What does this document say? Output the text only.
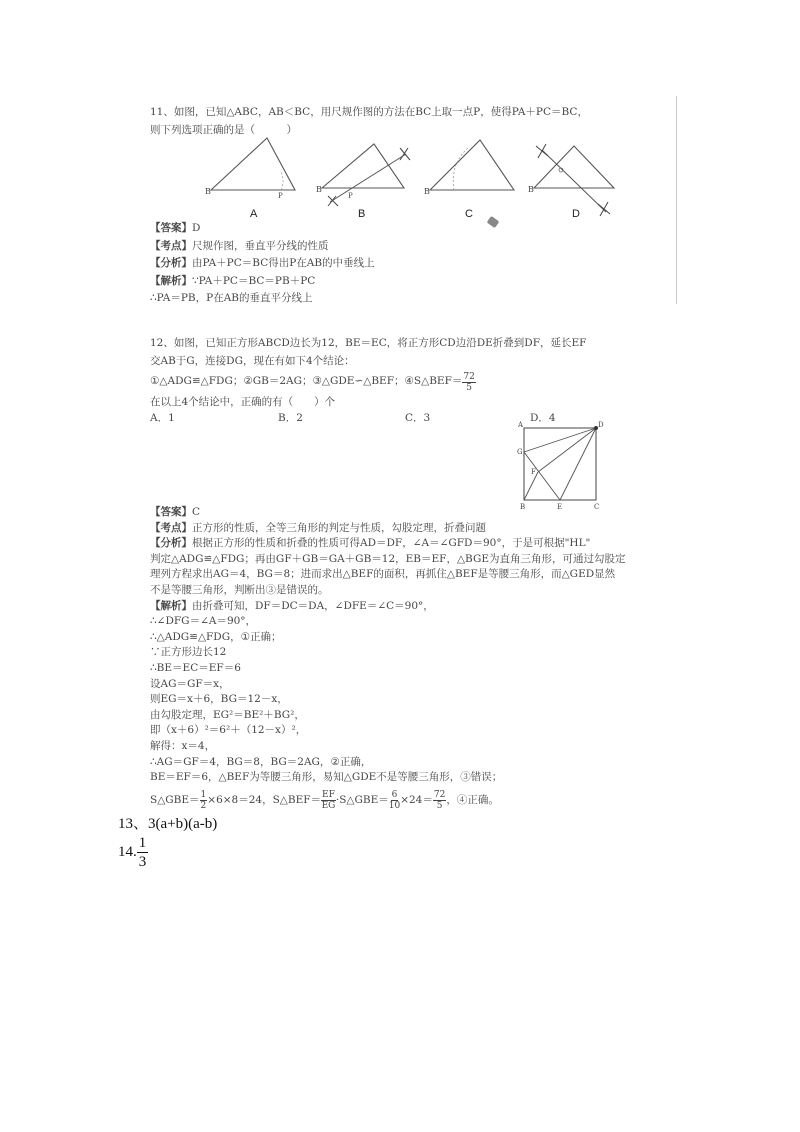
11、如图，已知△ABC，AB＜BC，用尺规作图的方法在BC上取一点P，使得PA＋PC＝BC，
则下列选项正确的是（　　　）
B	P
A
B
P
B
B
C
B
D
【答案】D
【考点】尺规作图，垂直平分线的性质
【分析】由PA＋PC＝BC得出P在AB的中垂线上
【解析】∵PA＋PC＝BC＝PB＋PC
∴PA＝PB，P在AB的垂直平分线上
12、如图，已知正方形ABCD边长为12，BE＝EC，将正方形CD边沿DE折叠到DF，延长EF
交AB于G，连接DG，现在有如下4个结论：
①△ADG≌△FDG；②GB＝2AG；③△GDE∽△BEF；④S△BEF＝ $\frac{72}{5}$
在以上4个结论中，正确的有（　　）个
A．1	B．2	C．3	D．4
A	D
G
F
B	E	C
【答案】C
【考点】正方形的性质，全等三角形的判定与性质，勾股定理，折叠问题
【分析】根据正方形的性质和折叠的性质可得AD＝DF，∠A＝∠GFD＝90°，于是可根据"HL"
判定△ADG≌△FDG；再由GF＋GB＝GA＋GB＝12，EB＝EF，△BGE为直角三角形，可通过勾股定
理列方程求出AG＝4，BG＝8；进而求出△BEF的面积，再抓住△BEF是等腰三角形，而△GED显然
不是等腰三角形，判断出③是错误的。
【解析】由折叠可知，DF＝DC＝DA，∠DFE＝∠C＝90°，
∴∠DFG＝∠A＝90°，
∴△ADG≌△FDG，①正确；
∵正方形边长12
∴BE＝EC＝EF＝6
设AG＝GF＝x，
则EG＝x＋6，BG＝12－x，
由勾股定理，EG²＝BE²＋BG²，
即（x＋6）²＝6²＋（12－x）²，
解得：x＝4，
∴AG＝GF＝4，BG＝8，BG＝2AG，②正确，
BE＝EF＝6，△BEF为等腰三角形，易知△GDE不是等腰三角形，③错误；
S△GBE＝ $\frac{1}{2} \times 6\times 8=24$，S△BEF＝ $\frac{EF}{EG}$ ·S△GBE＝ $\frac{6}{10} \times 24= \frac{72}{5}$ ，④正确。
13、3(a+b)(a-b)
14. $\frac{1}{3}$
